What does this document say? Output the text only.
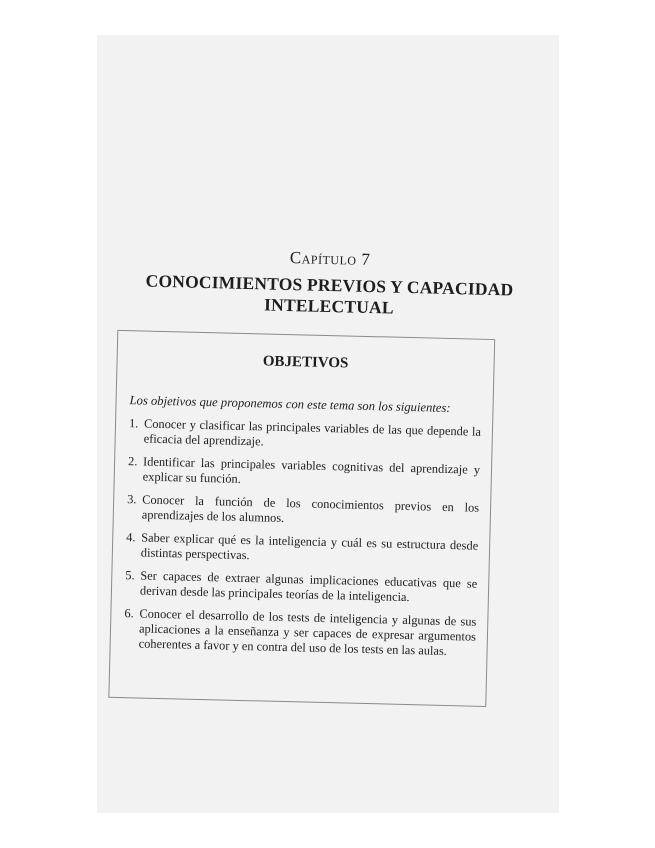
Capítulo 7
CONOCIMIENTOS PREVIOS Y CAPACIDAD INTELECTUAL
OBJETIVOS
Los objetivos que proponemos con este tema son los siguientes:
1. Conocer y clasificar las principales variables de las que depende la eficacia del aprendizaje.
2. Identificar las principales variables cognitivas del aprendizaje y explicar su función.
3. Conocer la función de los conocimientos previos en los aprendizajes de los alumnos.
4. Saber explicar qué es la inteligencia y cuál es su estructura desde distintas perspectivas.
5. Ser capaces de extraer algunas implicaciones educativas que se derivan desde las principales teorías de la inteligencia.
6. Conocer el desarrollo de los tests de inteligencia y algunas de sus aplicaciones a la enseñanza y ser capaces de expresar argumentos coherentes a favor y en contra del uso de los tests en las aulas.
